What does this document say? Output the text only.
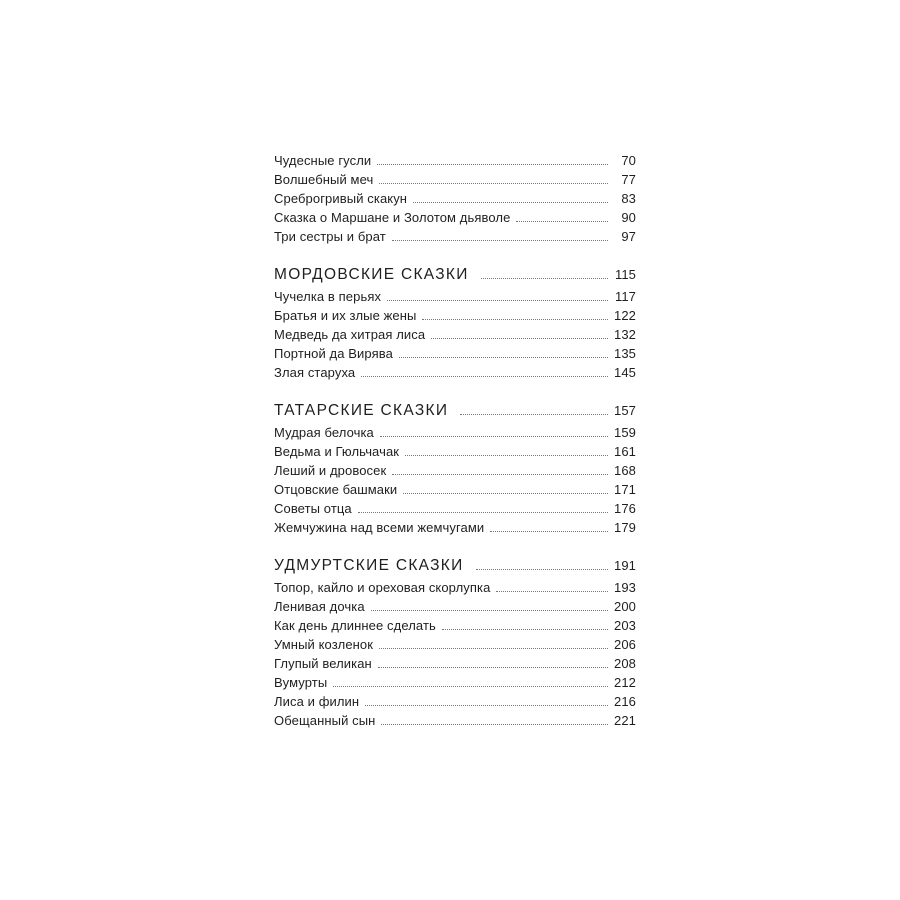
Чудесные гусли	70
Волшебный меч	77
Среброгривый скакун	83
Сказка о Маршане и Золотом дьяволе	90
Три сестры и брат	97
МОРДОВСКИЕ СКАЗКИ	115
Чучелка в перьях	117
Братья и их злые жены	122
Медведь да хитрая лиса	132
Портной да Вирява	135
Злая старуха	145
ТАТАРСКИЕ СКАЗКИ	157
Мудрая белочка	159
Ведьма и Гюльчачак	161
Леший и дровосек	168
Отцовские башмаки	171
Советы отца	176
Жемчужина над всеми жемчугами	179
УДМУРТСКИЕ СКАЗКИ	191
Топор, кайло и ореховая скорлупка	193
Ленивая дочка	200
Как день длиннее сделать	203
Умный козленок	206
Глупый великан	208
Вумурты	212
Лиса и филин	216
Обещанный сын	221
